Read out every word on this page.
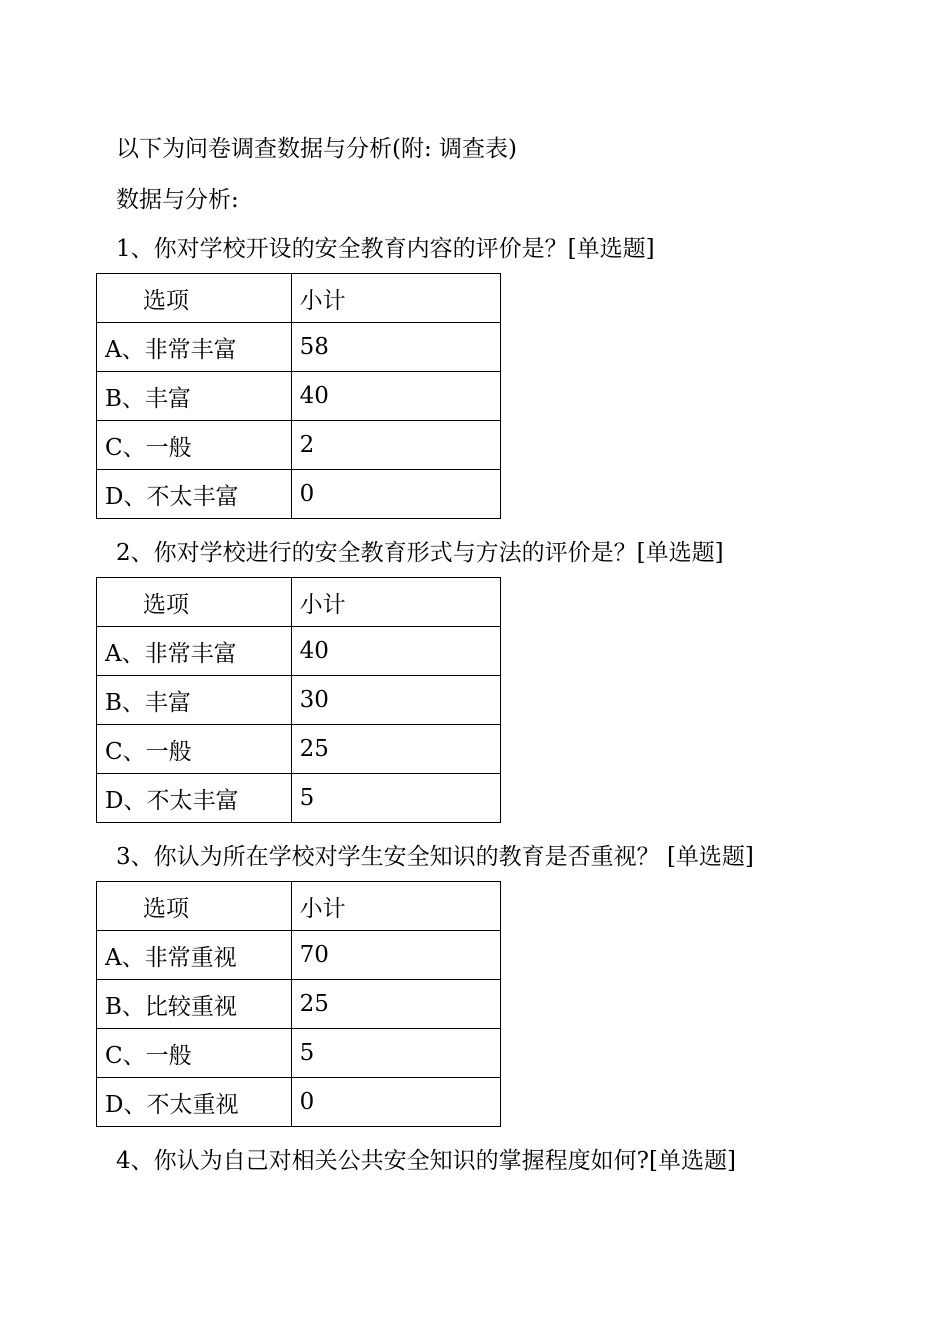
以下为问卷调查数据与分析(附: 调查表)
数据与分析:
1、你对学校开设的安全教育内容的评价是？[单选题]
选项	小计
A、非常丰富	58
B、丰富	40
C、一般	2
D、不太丰富	0
2、你对学校进行的安全教育形式与方法的评价是？[单选题]
选项	小计
A、非常丰富	40
B、丰富	30
C、一般	25
D、不太丰富	5
3、你认为所在学校对学生安全知识的教育是否重视？ [单选题]
选项	小计
A、非常重视	70
B、比较重视	25
C、一般	5
D、不太重视	0
4、你认为自己对相关公共安全知识的掌握程度如何?[单选题]
